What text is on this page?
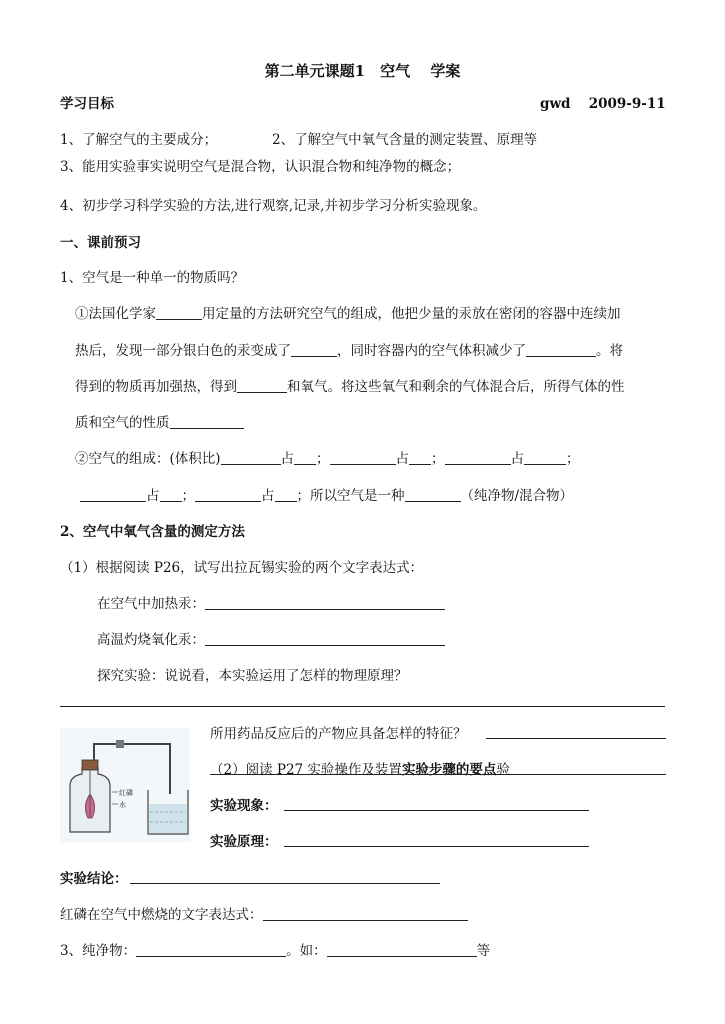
第二单元课题1　空气　 学案
学习目标	gwd　 2009-9-11
1、了解空气的主要成分；	2、了解空气中氧气含量的测定装置、原理等
3、能用实验事实说明空气是混合物，认识混合物和纯净物的概念；
4、初步学习科学实验的方法,进行观察,记录,并初步学习分析实验现象。
一、课前预习
1、空气是一种单一的物质吗？
①法国化学家	用定量的方法研究空气的组成，他把少量的汞放在密闭的容器中连续加
热后，发现一部分银白色的汞变成了	，同时容器内的空气体积减少了	。将
得到的物质再加强热，得到	和氧气。将这些氧气和剩余的气体混合后，所得气体的性
质和空气的性质
②空气的组成：(体积比)	占 ；	占 ；	占	；
占 ；	占 ；所以空气是一种	（纯净物/混合物）
2、空气中氧气含量的测定方法
（1）根据阅读 P26，试写出拉瓦锡实验的两个文字表达式：
在空气中加热汞：
高温灼烧氧化汞：
探究实验：说说看，本实验运用了怎样的物理原理？
红磷
水
所用药品反应后的产物应具备怎样的特征？
（2）阅读 P27 实验操作及装置实验步骤的要点验
实验现象：
实验原理：
实验结论：
红磷在空气中燃烧的文字表达式：
3、纯净物：	。如：	等
